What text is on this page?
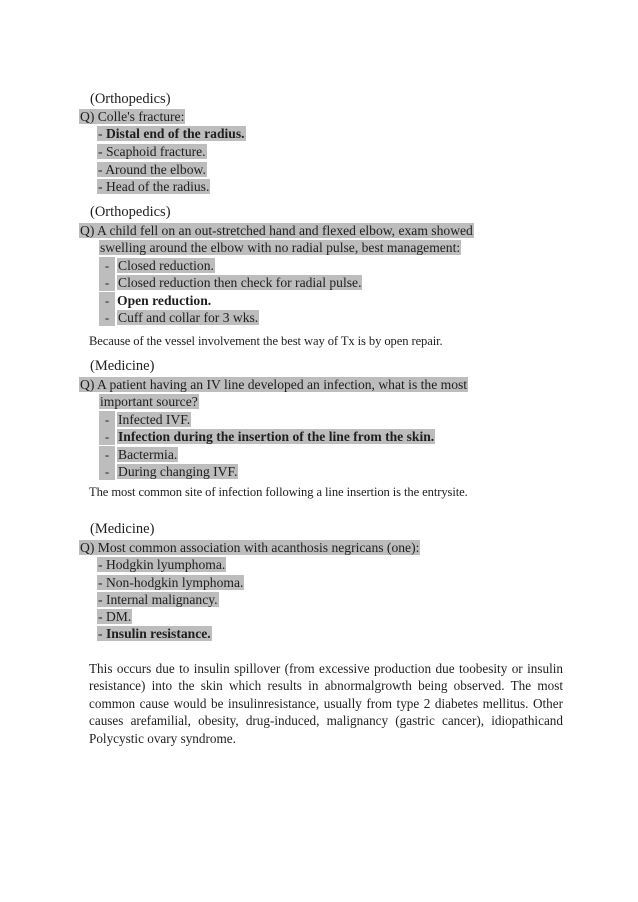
(Orthopedics)
Q) Colle's fracture:
- Distal end of the radius.
- Scaphoid fracture.
- Around the elbow.
- Head of the radius.
(Orthopedics)
Q) A child fell on an out-stretched hand and flexed elbow, exam showed
swelling around the elbow with no radial pulse, best management:
- Closed reduction.
- Closed reduction then check for radial pulse.
- Open reduction.
- Cuff and collar for 3 wks.
Because of the vessel involvement the best way of Tx is by open repair.
(Medicine)
Q) A patient having an IV line developed an infection, what is the most
important source?
- Infected IVF.
- Infection during the insertion of the line from the skin.
- Bactermia.
- During changing IVF.
The most common site of infection following a line insertion is the entrysite.
(Medicine)
Q) Most common association with acanthosis negricans (one):
- Hodgkin lyumphoma.
- Non-hodgkin lymphoma.
- Internal malignancy.
- DM.
- Insulin resistance.
This occurs due to insulin spillover (from excessive production due toobesity or insulin resistance) into the skin which results in abnormalgrowth being observed. The most common cause would be insulinresistance, usually from type 2 diabetes mellitus. Other causes arefamilial, obesity, drug-induced, malignancy (gastric cancer), idiopathicand Polycystic ovary syndrome.
